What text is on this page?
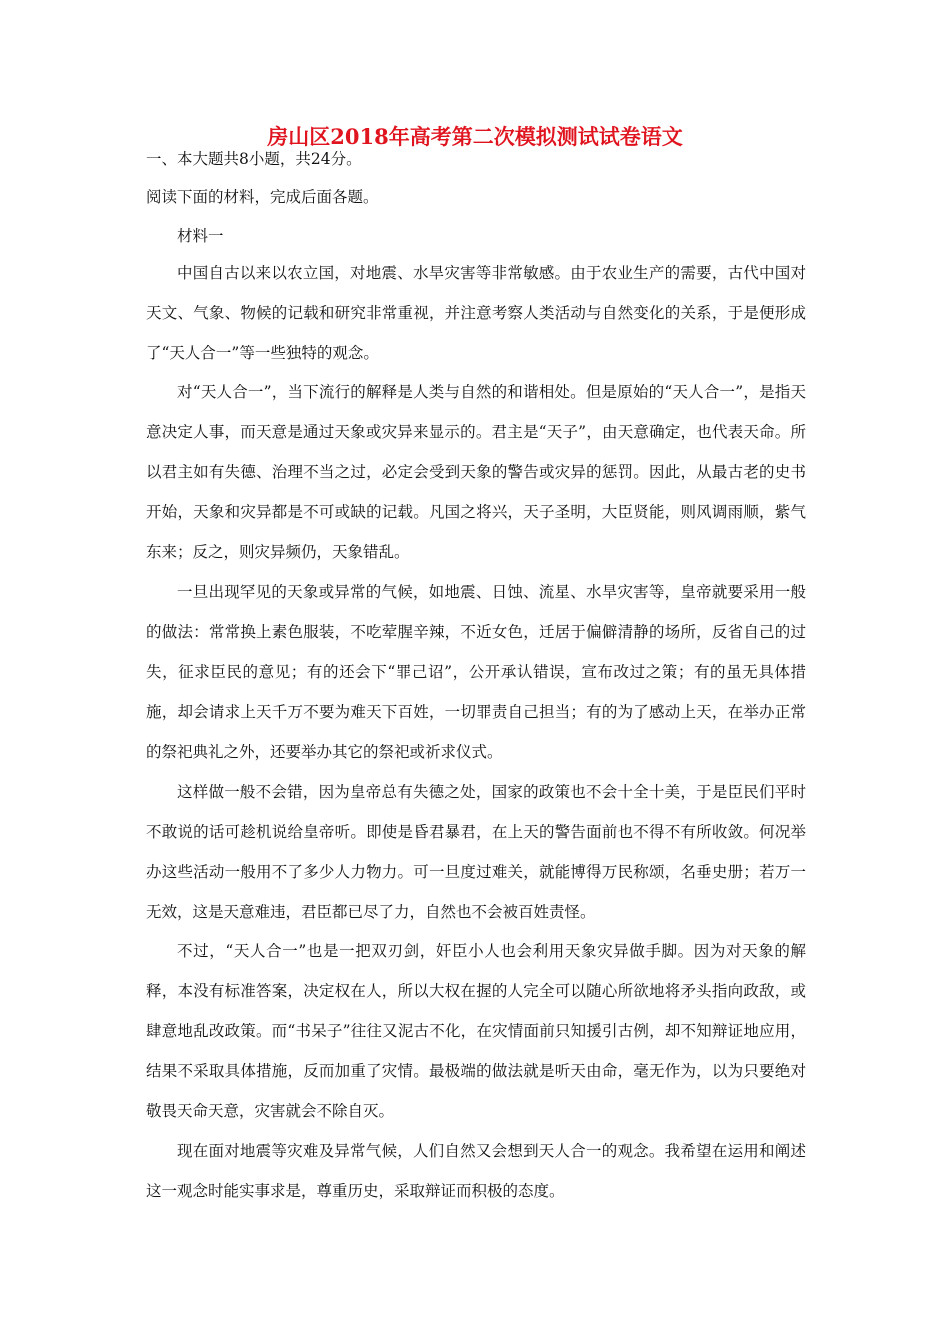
房山区2018年高考第二次模拟测试试卷语文
一、本大题共8小题，共24分。
阅读下面的材料，完成后面各题。
材料一
中国自古以来以农立国，对地震、水旱灾害等非常敏感。由于农业生产的需要，古代中国对天文、气象、物候的记载和研究非常重视，并注意考察人类活动与自然变化的关系，于是便形成了“天人合一”等一些独特的观念。
对“天人合一”，当下流行的解释是人类与自然的和谐相处。但是原始的“天人合一”，是指天意决定人事，而天意是通过天象或灾异来显示的。君主是“天子”，由天意确定，也代表天命。所以君主如有失德、治理不当之过，必定会受到天象的警告或灾异的惩罚。因此，从最古老的史书开始，天象和灾异都是不可或缺的记载。凡国之将兴，天子圣明，大臣贤能，则风调雨顺，紫气东来；反之，则灾异频仍，天象错乱。
一旦出现罕见的天象或异常的气候，如地震、日蚀、流星、水旱灾害等，皇帝就要采用一般的做法：常常换上素色服装，不吃荤腥辛辣，不近女色，迁居于偏僻清静的场所，反省自己的过失，征求臣民的意见；有的还会下“罪己诏”，公开承认错误，宣布改过之策；有的虽无具体措施，却会请求上天千万不要为难天下百姓，一切罪责自己担当；有的为了感动上天，在举办正常的祭祀典礼之外，还要举办其它的祭祀或祈求仪式。
这样做一般不会错，因为皇帝总有失德之处，国家的政策也不会十全十美，于是臣民们平时不敢说的话可趁机说给皇帝听。即使是昏君暴君，在上天的警告面前也不得不有所收敛。何况举办这些活动一般用不了多少人力物力。可一旦度过难关，就能博得万民称颂，名垂史册；若万一无效，这是天意难违，君臣都已尽了力，自然也不会被百姓责怪。
不过，“天人合一”也是一把双刃剑，奸臣小人也会利用天象灾异做手脚。因为对天象的解释，本没有标准答案，决定权在人，所以大权在握的人完全可以随心所欲地将矛头指向政敌，或肆意地乱改政策。而“书呆子”往往又泥古不化，在灾情面前只知援引古例，却不知辩证地应用，结果不采取具体措施，反而加重了灾情。最极端的做法就是听天由命，毫无作为，以为只要绝对敬畏天命天意，灾害就会不除自灭。
现在面对地震等灾难及异常气候，人们自然又会想到天人合一的观念。我希望在运用和阐述这一观念时能实事求是，尊重历史，采取辩证而积极的态度。
